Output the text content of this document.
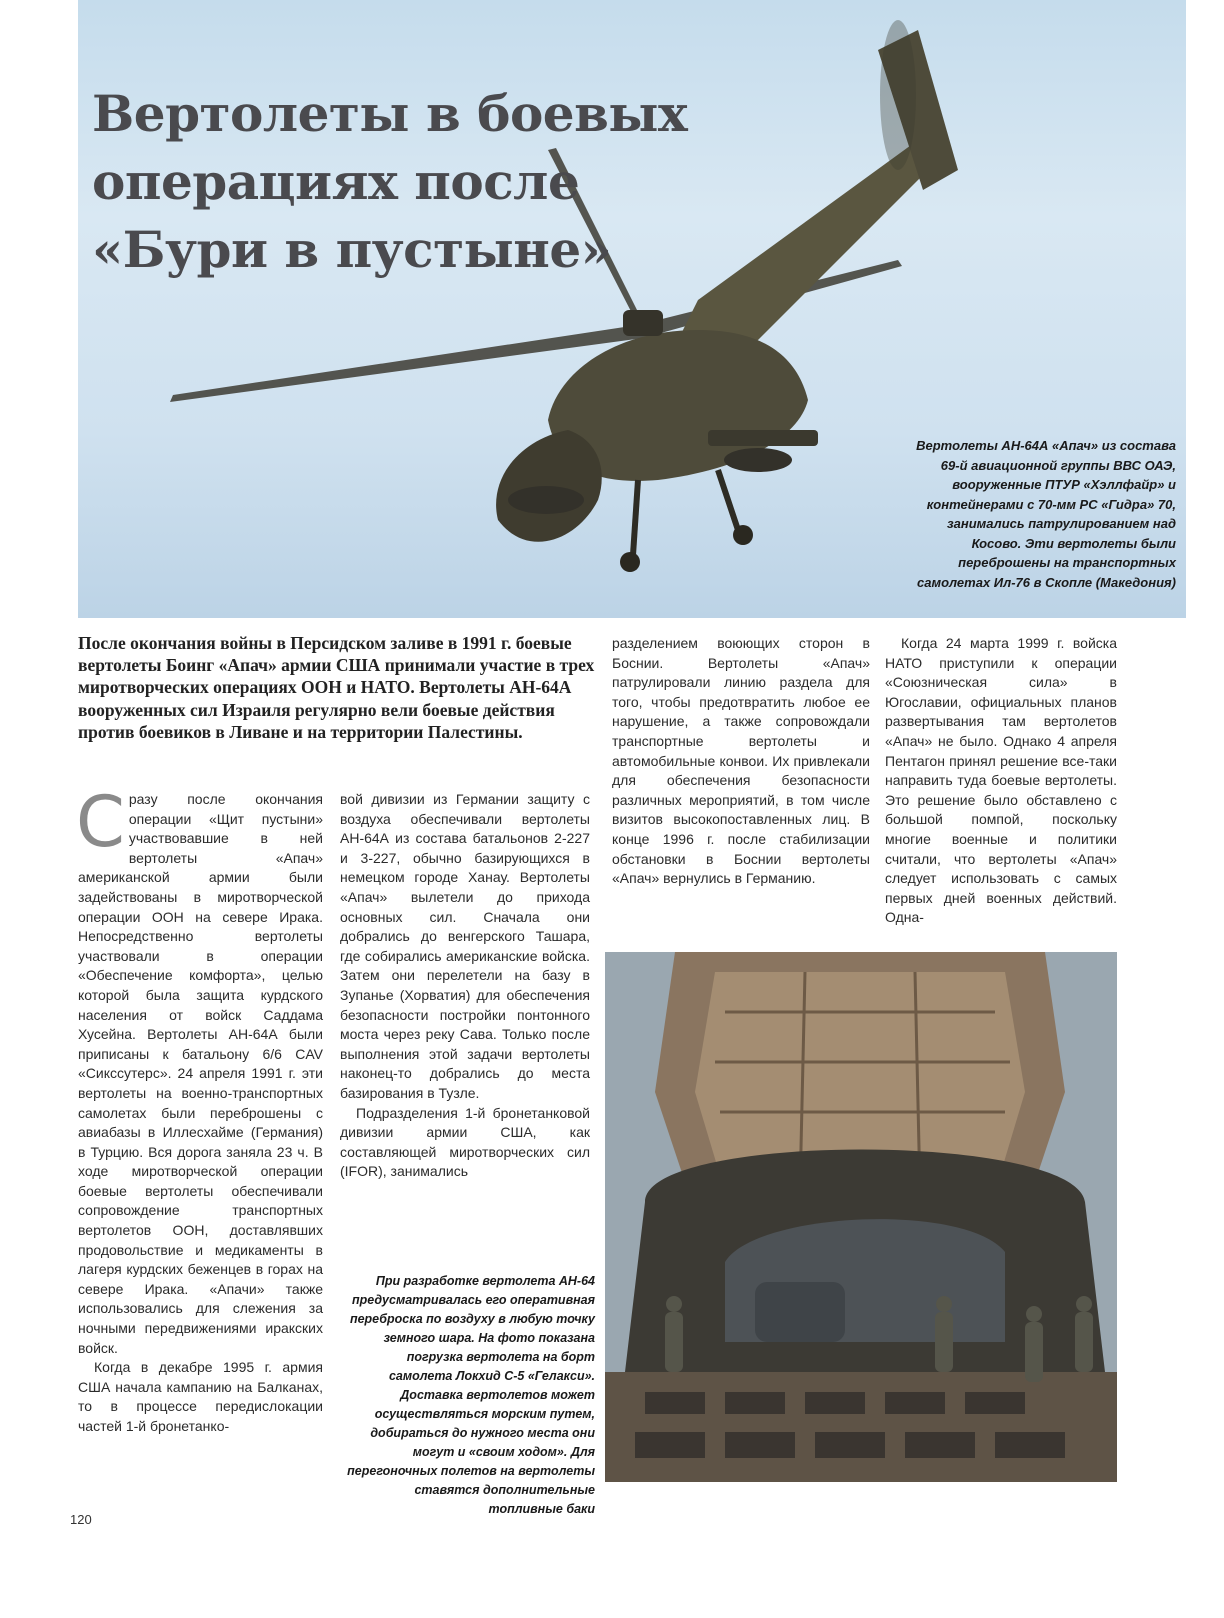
Вертолеты в боевых
операциях после
«Бури в пустыне»
Вертолеты АН-64А «Апач» из состава 69-й авиационной группы ВВС ОАЭ, вооруженные ПТУР «Хэллфайр» и контейнерами с 70-мм PC «Гидра» 70, занимались патрулированием над Косово. Эти вертолеты были переброшены на транспортных самолетах Ил-76 в Скопле (Македония)

После окончания войны в Персидском заливе в 1991 г. боевые вертолеты Боинг «Апач» армии США принимали участие в трех миротворческих операциях ООН и НАТО. Вертолеты АН-64А вооруженных сил Израиля регулярно вели боевые действия против боевиков в Ливане и на территории Палестины.

Сразу после окончания операции «Щит пустыни» участвовавшие в ней вертолеты «Апач» американской армии были задействованы в миротворческой операции ООН на севере Ирака. Непосредственно вертолеты участвовали в операции «Обеспечение комфорта», целью которой была защита курдского населения от войск Саддама Хусейна. Вертолеты АН-64А были приписаны к батальону 6/6 CAV «Сикссутерс». 24 апреля 1991 г. эти вертолеты на военно-транспортных самолетах были переброшены с авиабазы в Иллесхайме (Германия) в Турцию. Вся дорога заняла 23 ч. В ходе миротворческой операции боевые вертолеты обеспечивали сопровождение транспортных вертолетов ООН, доставлявших продовольствие и медикаменты в лагеря курдских беженцев в горах на севере Ирака. «Апачи» также использовались для слежения за ночными передвижениями иракских войск.

Когда в декабре 1995 г. армия США начала кампанию на Балканах, то в процессе передислокации частей 1-й бронетанко-

вой дивизии из Германии защиту с воздуха обеспечивали вертолеты АН-64А из состава батальонов 2-227 и 3-227, обычно базирующихся в немецком городе Ханау. Вертолеты «Апач» вылетели до прихода основных сил. Сначала они добрались до венгерского Ташара, где собирались американские войска. Затем они перелетели на базу в Зупанье (Хорватия) для обеспечения безопасности постройки понтонного моста через реку Сава. Только после выполнения этой задачи вертолеты наконец-то добрались до места базирования в Тузле.

Подразделения 1-й бронетанковой дивизии армии США, как составляющей миротворческих сил (IFOR), занимались

При разработке вертолета АН-64 предусматривалась его оперативная переброска по воздуху в любую точку земного шара. На фото показана погрузка вертолета на борт самолета Локхид С-5 «Гелакси». Доставка вертолетов может осуществляться морским путем, добираться до нужного места они могут и «своим ходом». Для перегоночных полетов на вертолеты ставятся дополнительные топливные баки

разделением воюющих сторон в Боснии. Вертолеты «Апач» патрулировали линию раздела для того, чтобы предотвратить любое ее нарушение, а также сопровождали транспортные вертолеты и автомобильные конвои. Их привлекали для обеспечения безопасности различных мероприятий, в том числе визитов высокопоставленных лиц. В конце 1996 г. после стабилизации обстановки в Боснии вертолеты «Апач» вернулись в Германию.

Когда 24 марта 1999 г. войска НАТО приступили к операции «Союзническая сила» в Югославии, официальных планов развертывания там вертолетов «Апач» не было. Однако 4 апреля Пентагон принял решение все-таки направить туда боевые вертолеты. Это решение было обставлено с большой помпой, поскольку многие военные и политики считали, что вертолеты «Апач» следует использовать с самых первых дней военных действий. Одна-

120
